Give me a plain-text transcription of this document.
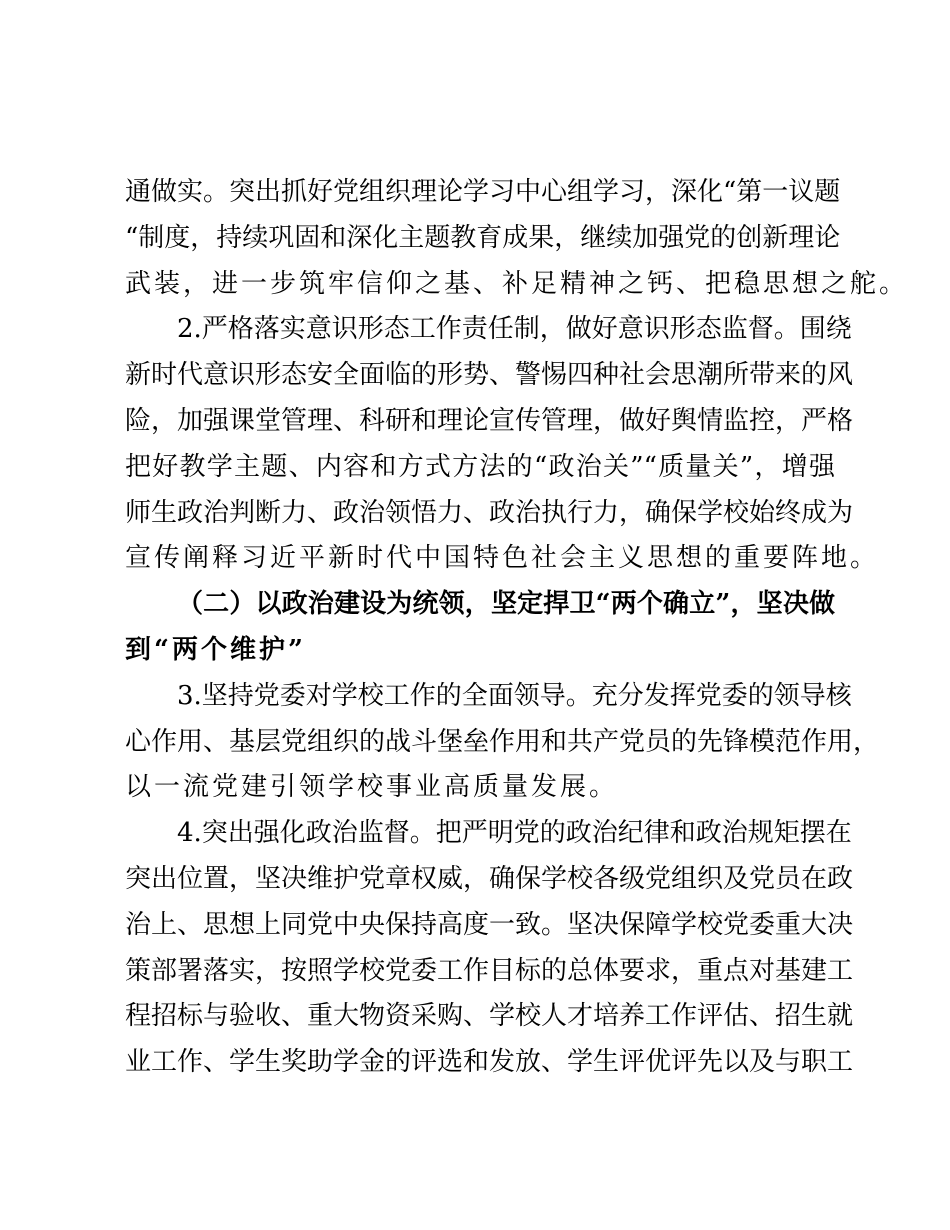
通做实。突出抓好党组织理论学习中心组学习，深化“第一议题
“制度，持续巩固和深化主题教育成果，继续加强党的创新理论
武装，进一步筑牢信仰之基、补足精神之钙、把稳思想之舵。
2.严格落实意识形态工作责任制，做好意识形态监督。围绕
新时代意识形态安全面临的形势、警惕四种社会思潮所带来的风
险，加强课堂管理、科研和理论宣传管理，做好舆情监控，严格
把好教学主题、内容和方式方法的“政治关”“质量关”，增强
师生政治判断力、政治领悟力、政治执行力，确保学校始终成为
宣传阐释习近平新时代中国特色社会主义思想的重要阵地。
（二）以政治建设为统领，坚定捍卫“两个确立”，坚决做
到“两个维护”
3.坚持党委对学校工作的全面领导。充分发挥党委的领导核
心作用、基层党组织的战斗堡垒作用和共产党员的先锋模范作用，
以一流党建引领学校事业高质量发展。
4.突出强化政治监督。把严明党的政治纪律和政治规矩摆在
突出位置，坚决维护党章权威，确保学校各级党组织及党员在政
治上、思想上同党中央保持高度一致。坚决保障学校党委重大决
策部署落实，按照学校党委工作目标的总体要求，重点对基建工
程招标与验收、重大物资采购、学校人才培养工作评估、招生就
业工作、学生奖助学金的评选和发放、学生评优评先以及与职工
